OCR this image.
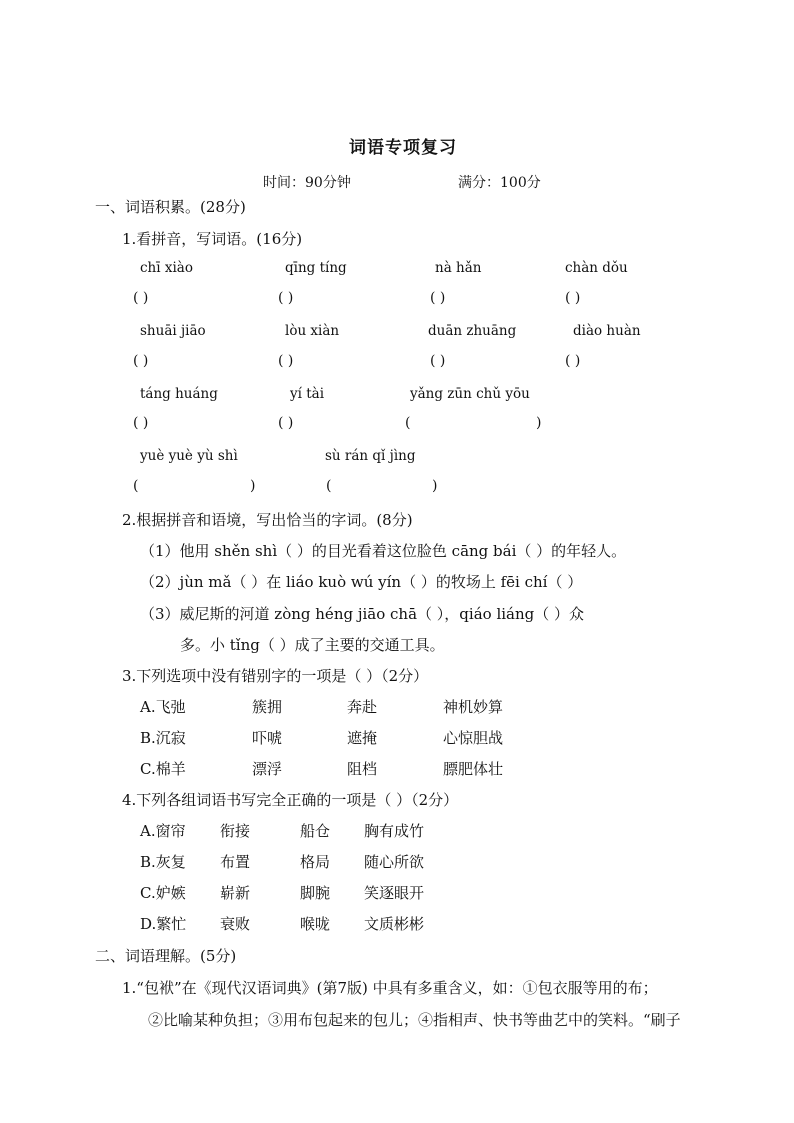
词语专项复习
时间：90分钟	满分：100分
一、词语积累。(28分)
1.看拼音，写词语。(16分)
chī xiào	qīng tíng	nà hǎn	chàn dǒu
( )	( )	( )	( )
shuāi jiāo	lòu xiàn	duān zhuāng	diào huàn
( )	( )	( )	( )
táng huáng	yí tài	yǎng zūn chǔ yōu
( )	( )	(	)
yuè yuè yù shì	sù rán qǐ jìng
(	)	(	)
2.根据拼音和语境，写出恰当的字词。(8分)
（1）他用 shěn shì（ ）的目光看着这位脸色 cāng bái（ ）的年轻人。
（2）jùn mǎ（ ）在 liáo kuò wú yín（ ）的牧场上 fēi chí（ ）
（3）威尼斯的河道 zòng héng jiāo chā（ ），qiáo liáng（ ）众
多。小 tǐng（ ）成了主要的交通工具。
3.下列选项中没有错别字的一项是（ ）（2分）
A.飞弛	簇拥	奔赴	神机妙算
B.沉寂	吓唬	遮掩	心惊胆战
C.棉羊	漂浮	阻档	膘肥体壮
4.下列各组词语书写完全正确的一项是（ ）（2分）
A.窗帘 衔接	船仓 胸有成竹
B.灰复 布置	格局 随心所欲
C.妒嫉 崭新	脚腕 笑逐眼开
D.繁忙 衰败	喉咙 文质彬彬
二、词语理解。(5分)
1.“包袱”在《现代汉语词典》(第7版) 中具有多重含义，如：①包衣服等用的布；
②比喻某种负担；③用布包起来的包儿；④指相声、快书等曲艺中的笑料。“刷子
